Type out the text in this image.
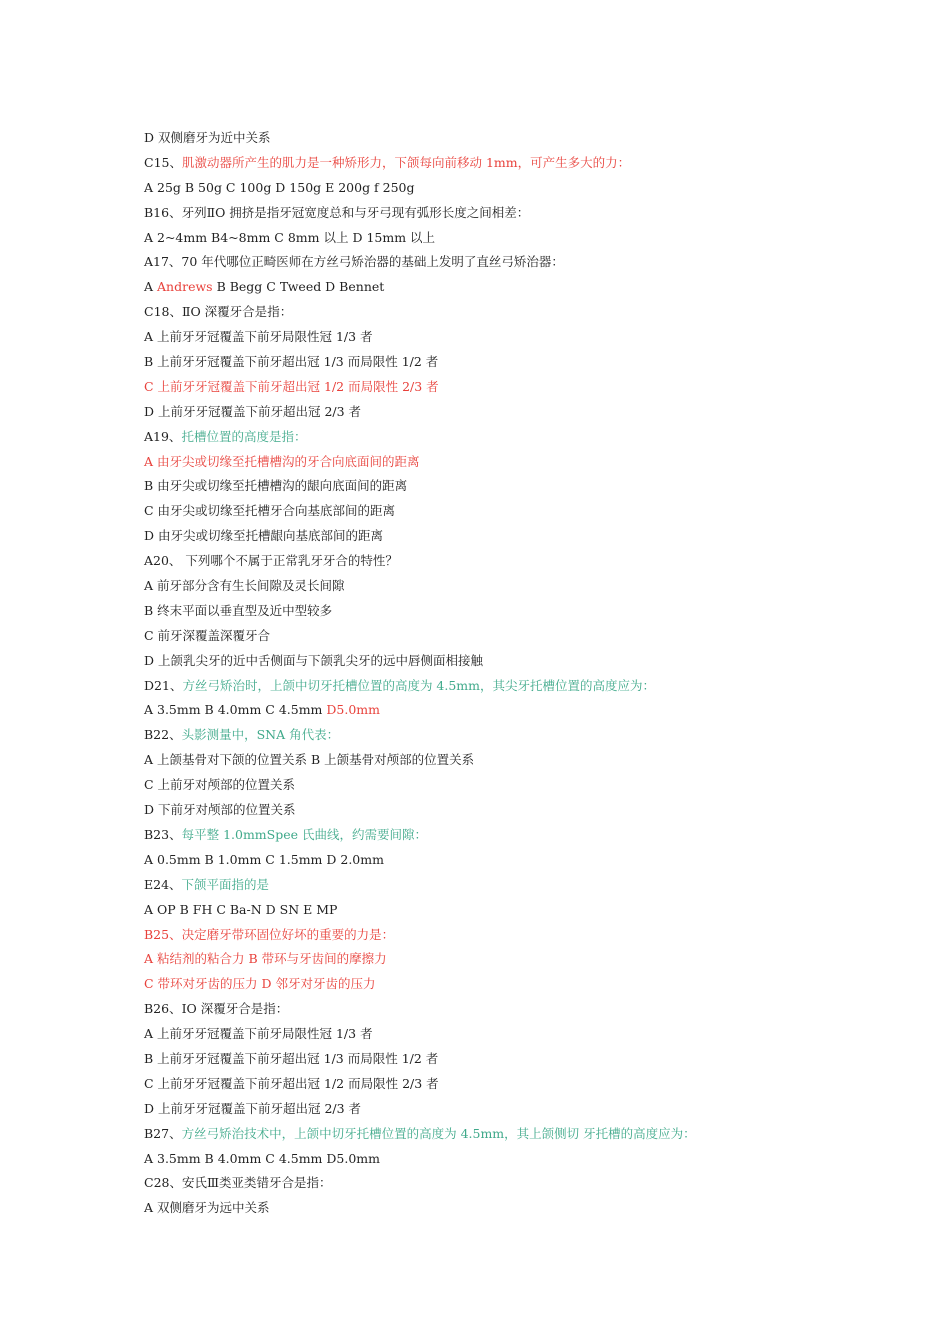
D 双侧磨牙为近中关系
C15、肌激动器所产生的肌力是一种矫形力，下颌每向前移动 1mm，可产生多大的力：
A 25g B 50g C 100g D 150g E 200g f 250g
B16、牙列ⅡO 拥挤是指牙冠宽度总和与牙弓现有弧形长度之间相差：
A 2~4mm B4~8mm C 8mm 以上 D 15mm 以上
A17、70 年代哪位正畸医师在方丝弓矫治器的基础上发明了直丝弓矫治器：
A Andrews B Begg C Tweed D Bennet
C18、ⅡO 深覆牙合是指：
A 上前牙牙冠覆盖下前牙局限性冠 1/3 者
B 上前牙牙冠覆盖下前牙超出冠 1/3 而局限性 1/2 者
C 上前牙牙冠覆盖下前牙超出冠 1/2 而局限性 2/3 者
D 上前牙牙冠覆盖下前牙超出冠 2/3 者
A19、托槽位置的高度是指：
A 由牙尖或切缘至托槽槽沟的牙合向底面间的距离
B 由牙尖或切缘至托槽槽沟的龈向底面间的距离
C 由牙尖或切缘至托槽牙合向基底部间的距离
D 由牙尖或切缘至托槽龈向基底部间的距离
A20、 下列哪个不属于正常乳牙牙合的特性？
A 前牙部分含有生长间隙及灵长间隙
B 终末平面以垂直型及近中型较多
C 前牙深覆盖深覆牙合
D 上颌乳尖牙的近中舌侧面与下颌乳尖牙的远中唇侧面相接触
D21、方丝弓矫治时，上颌中切牙托槽位置的高度为 4.5mm，其尖牙托槽位置的高度应为：
A 3.5mm B 4.0mm C 4.5mm D5.0mm
B22、头影测量中，SNA 角代表：
A 上颌基骨对下颌的位置关系 B 上颌基骨对颅部的位置关系
C 上前牙对颅部的位置关系
D 下前牙对颅部的位置关系
B23、每平整 1.0mmSpee 氏曲线，约需要间隙：
A 0.5mm B 1.0mm C 1.5mm D 2.0mm
E24、下颌平面指的是
A OP B FH C Ba-N D SN E MP
B25、决定磨牙带环固位好坏的重要的力是：
A 粘结剂的粘合力 B 带环与牙齿间的摩擦力
C 带环对牙齿的压力 D 邻牙对牙齿的压力
B26、ⅠO 深覆牙合是指：
A 上前牙牙冠覆盖下前牙局限性冠 1/3 者
B 上前牙牙冠覆盖下前牙超出冠 1/3 而局限性 1/2 者
C 上前牙牙冠覆盖下前牙超出冠 1/2 而局限性 2/3 者
D 上前牙牙冠覆盖下前牙超出冠 2/3 者
B27、方丝弓矫治技术中，上颌中切牙托槽位置的高度为 4.5mm，其上颌侧切 牙托槽的高度应为：
A 3.5mm B 4.0mm C 4.5mm D5.0mm
C28、安氏Ⅲ类亚类错牙合是指：
A 双侧磨牙为远中关系
